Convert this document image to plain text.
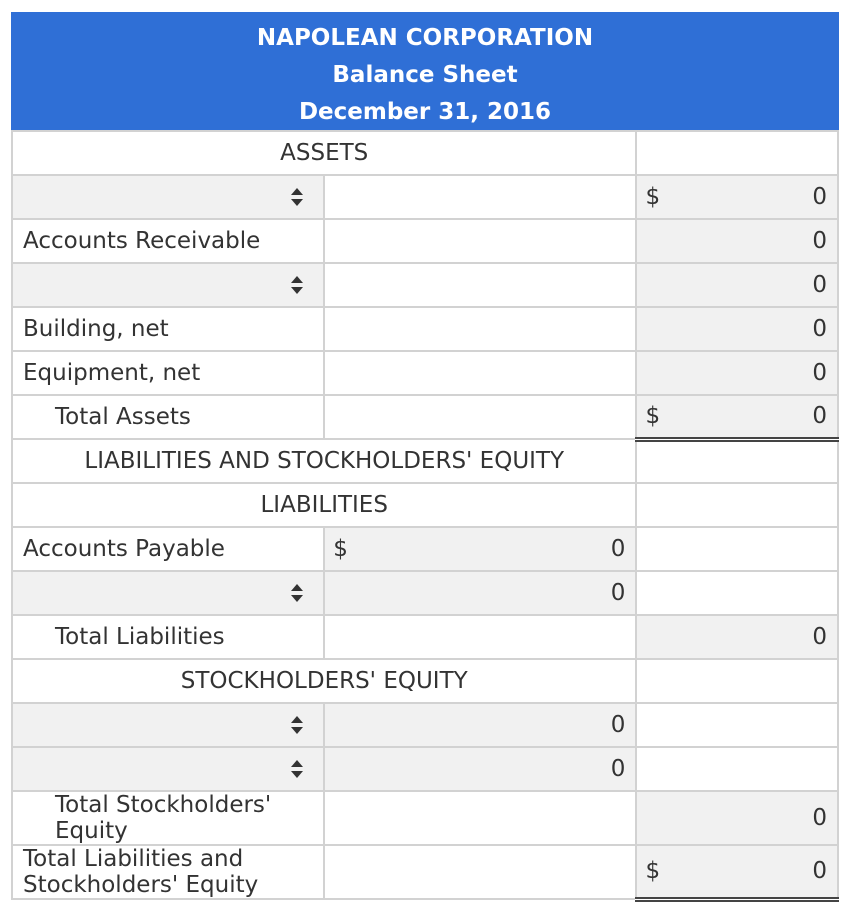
NAPOLEAN CORPORATION
Balance Sheet
December 31, 2016
ASSETS		

		$ 0

Accounts Receivable		0

		0

Building, net		0

Equipment, net		0

Total Assets		$ 0

LIABILITIES AND STOCKHOLDERS' EQUITY		
LIABILITIES		
Accounts Payable	$ 0	

	0	

Total Liabilities		0

STOCKHOLDERS' EQUITY		

	0	

	0	

Total Stockholders' Equity		0

Total Liabilities and Stockholders' Equity		$ 0
